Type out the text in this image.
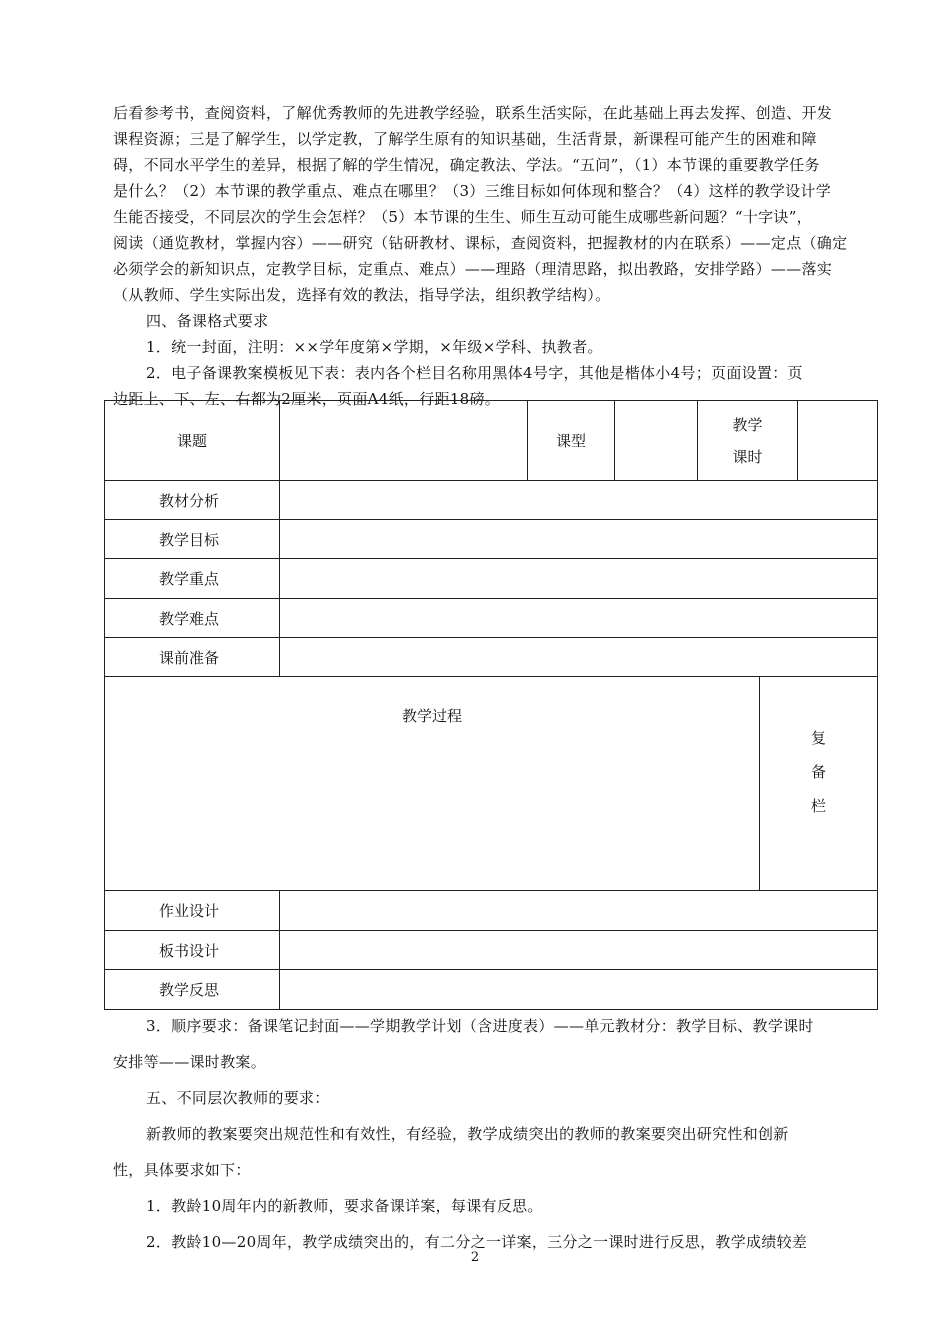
后看参考书，查阅资料，了解优秀教师的先进教学经验，联系生活实际，在此基础上再去发挥、创造、开发
课程资源；三是了解学生，以学定教，了解学生原有的知识基础，生活背景，新课程可能产生的困难和障
碍，不同水平学生的差异，根据了解的学生情况，确定教法、学法。“五问”，（1）本节课的重要教学任务
是什么？（2）本节课的教学重点、难点在哪里？（3）三维目标如何体现和整合？（4）这样的教学设计学
生能否接受，不同层次的学生会怎样？（5）本节课的生生、师生互动可能生成哪些新问题？“十字诀”，
阅读（通览教材，掌握内容）——研究（钻研教材、课标，查阅资料，把握教材的内在联系）——定点（确定
必须学会的新知识点，定教学目标，定重点、难点）——理路（理清思路，拟出教路，安排学路）——落实
（从教师、学生实际出发，选择有效的教法，指导学法，组织教学结构）。
四、备课格式要求
1．统一封面，注明：××学年度第×学期，×年级×学科、执教者。
2．电子备课教案模板见下表：表内各个栏目名称用黑体4号字，其他是楷体小4号；页面设置：页
边距上、下、左、右都为2厘米，页面A4纸，行距18磅。
课题		课型		教学
课时		

教材分析						
教学目标						
教学重点						
教学难点						
课前准备						

教学过程					复
备
栏	

作业设计						
板书设计						
教学反思						
3．顺序要求：备课笔记封面——学期教学计划（含进度表）——单元教材分：教学目标、教学课时
安排等——课时教案。
五、不同层次教师的要求：
新教师的教案要突出规范性和有效性，有经验，教学成绩突出的教师的教案要突出研究性和创新
性，具体要求如下：
1．教龄10周年内的新教师，要求备课详案，每课有反思。
2．教龄10—20周年，教学成绩突出的，有二分之一详案，三分之一课时进行反思，教学成绩较差
2
